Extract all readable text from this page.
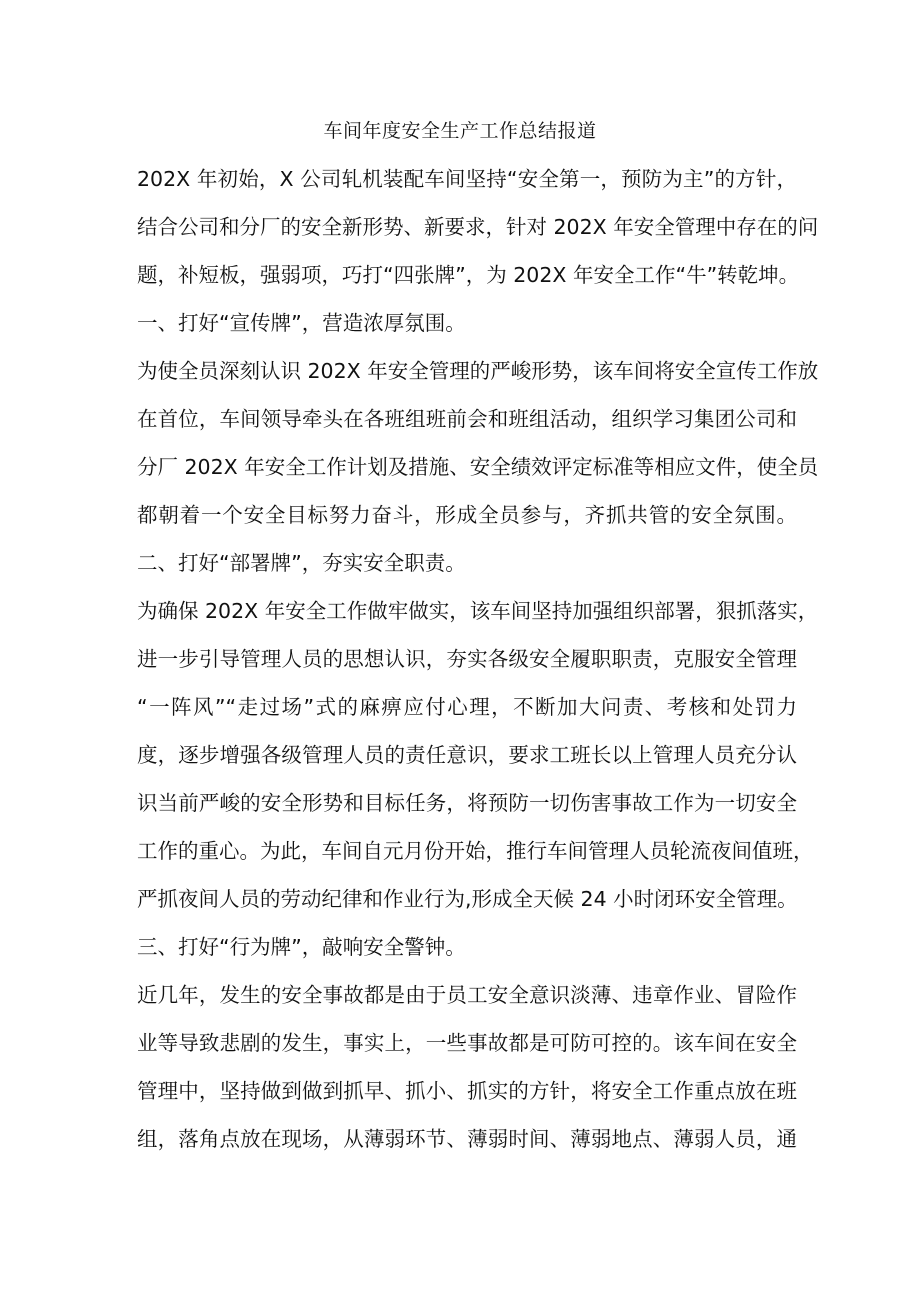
车间年度安全生产工作总结报道
202X 年初始，X 公司轧机装配车间坚持“安全第一，预防为主”的方针，
结合公司和分厂的安全新形势、新要求，针对 202X 年安全管理中存在的问
题，补短板，强弱项，巧打“四张牌”，为 202X 年安全工作“牛”转乾坤。
一、打好“宣传牌”，营造浓厚氛围。
为使全员深刻认识 202X 年安全管理的严峻形势，该车间将安全宣传工作放
在首位，车间领导牵头在各班组班前会和班组活动，组织学习集团公司和
分厂 202X 年安全工作计划及措施、安全绩效评定标准等相应文件，使全员
都朝着一个安全目标努力奋斗，形成全员参与，齐抓共管的安全氛围。
二、打好“部署牌”，夯实安全职责。
为确保 202X 年安全工作做牢做实，该车间坚持加强组织部署，狠抓落实，
进一步引导管理人员的思想认识，夯实各级安全履职职责，克服安全管理
“一阵风”“走过场”式的麻痹应付心理，不断加大问责、考核和处罚力
度，逐步增强各级管理人员的责任意识，要求工班长以上管理人员充分认
识当前严峻的安全形势和目标任务，将预防一切伤害事故工作为一切安全
工作的重心。为此，车间自元月份开始，推行车间管理人员轮流夜间值班，
严抓夜间人员的劳动纪律和作业行为,形成全天候 24 小时闭环安全管理。
三、打好“行为牌”，敲响安全警钟。
近几年，发生的安全事故都是由于员工安全意识淡薄、违章作业、冒险作
业等导致悲剧的发生，事实上，一些事故都是可防可控的。该车间在安全
管理中，坚持做到做到抓早、抓小、抓实的方针，将安全工作重点放在班
组，落角点放在现场，从薄弱环节、薄弱时间、薄弱地点、薄弱人员，通
